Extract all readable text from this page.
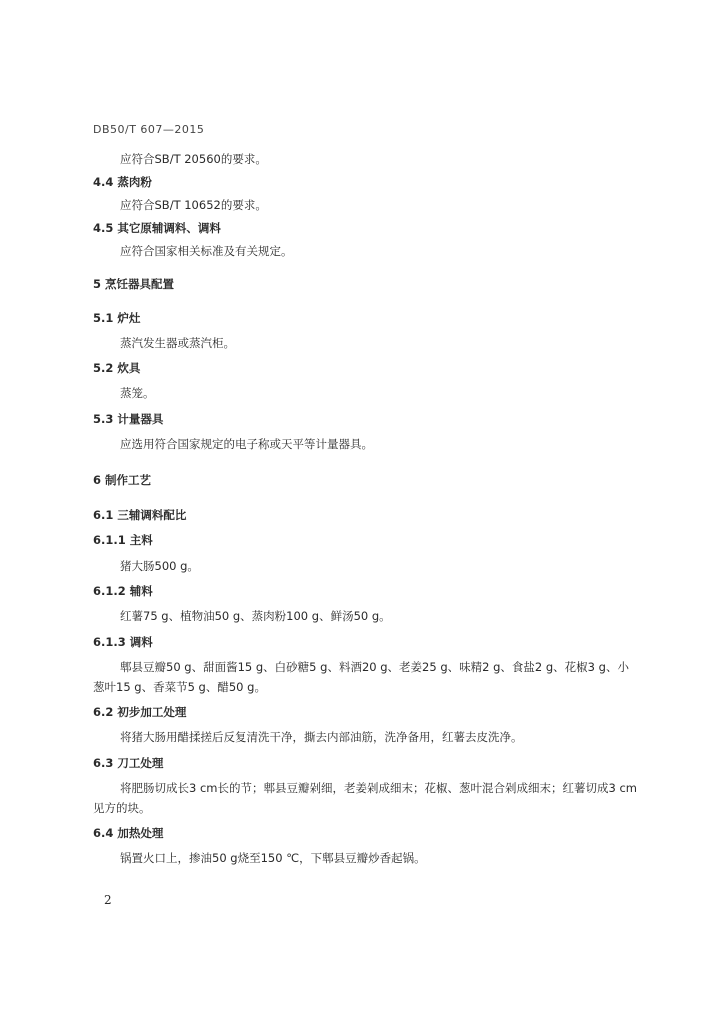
DB50/T 607—2015
应符合SB/T 20560的要求。
4.4 蒸肉粉
应符合SB/T 10652的要求。
4.5 其它原辅调料、调料
应符合国家相关标准及有关规定。
5 烹饪器具配置
5.1 炉灶
蒸汽发生器或蒸汽柜。
5.2 炊具
蒸笼。
5.3 计量器具
应选用符合国家规定的电子称或天平等计量器具。
6 制作工艺
6.1 三辅调料配比
6.1.1 主料
猪大肠500 g。
6.1.2 辅料
红薯75 g、植物油50 g、蒸肉粉100 g、鲜汤50 g。
6.1.3 调料
郫县豆瓣50 g、甜面酱15 g、白砂糖5 g、料酒20 g、老姜25 g、味精2 g、食盐2 g、花椒3 g、小
葱叶15 g、香菜节5 g、醋50 g。
6.2 初步加工处理
将猪大肠用醋揉搓后反复清洗干净，撕去内部油筋，洗净备用，红薯去皮洗净。
6.3 刀工处理
将肥肠切成长3 cm长的节；郫县豆瓣剁细，老姜剁成细末；花椒、葱叶混合剁成细末；红薯切成3 cm
见方的块。
6.4 加热处理
锅置火口上，掺油50 g烧至150 ℃，下郫县豆瓣炒香起锅。
2
